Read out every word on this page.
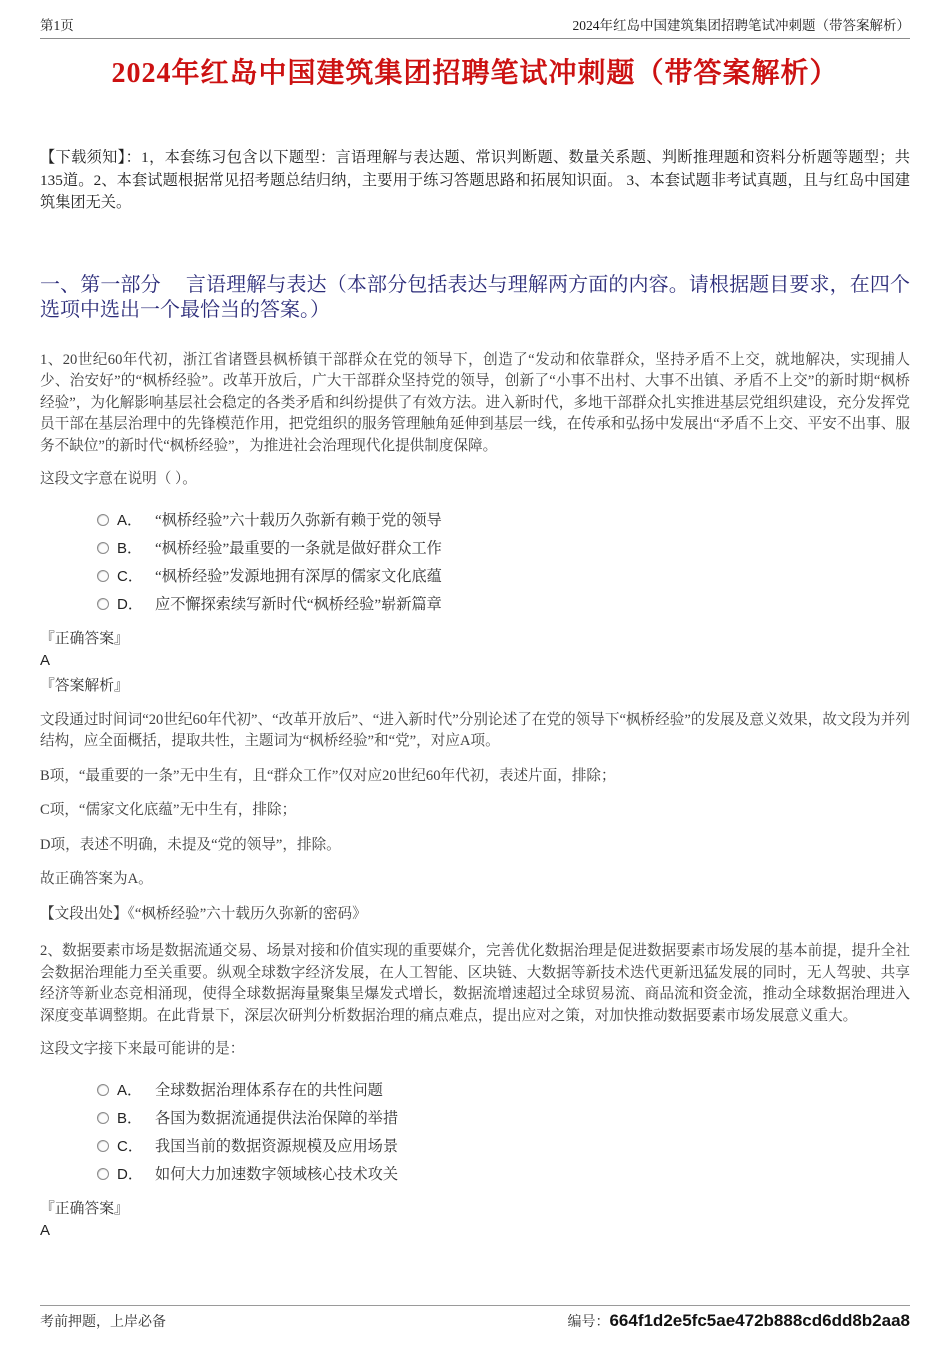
第1页	2024年红岛中国建筑集团招聘笔试冲刺题（带答案解析）
2024年红岛中国建筑集团招聘笔试冲刺题（带答案解析）
【下载须知】：1，本套练习包含以下题型：言语理解与表达题、常识判断题、数量关系题、判断推理题和资料分析题等题型；共135道。2、本套试题根据常见招考题总结归纳，主要用于练习答题思路和拓展知识面。 3、本套试题非考试真题，且与红岛中国建筑集团无关。
一、第一部分　 言语理解与表达（本部分包括表达与理解两方面的内容。请根据题目要求，在四个选项中选出一个最恰当的答案。）
1、20世纪60年代初，浙江省诸暨县枫桥镇干部群众在党的领导下，创造了“发动和依靠群众，坚持矛盾不上交，就地解决，实现捕人少、治安好”的“枫桥经验”。改革开放后，广大干部群众坚持党的领导，创新了“小事不出村、大事不出镇、矛盾不上交”的新时期“枫桥经验”，为化解影响基层社会稳定的各类矛盾和纠纷提供了有效方法。进入新时代，多地干部群众扎实推进基层党组织建设，充分发挥党员干部在基层治理中的先锋模范作用，把党组织的服务管理触角延伸到基层一线，在传承和弘扬中发展出“矛盾不上交、平安不出事、服务不缺位”的新时代“枫桥经验”，为推进社会治理现代化提供制度保障。
这段文字意在说明（ ）。
A． “枫桥经验”六十载历久弥新有赖于党的领导
B． “枫桥经验”最重要的一条就是做好群众工作
C． “枫桥经验”发源地拥有深厚的儒家文化底蕴
D． 应不懈探索续写新时代“枫桥经验”崭新篇章
『正确答案』
A
『答案解析』

文段通过时间词“20世纪60年代初”、“改革开放后”、“进入新时代”分别论述了在党的领导下“枫桥经验”的发展及意义效果，故文段为并列结构，应全面概括，提取共性，主题词为“枫桥经验”和“党”，对应A项。

B项，“最重要的一条”无中生有，且“群众工作”仅对应20世纪60年代初，表述片面，排除；

C项，“儒家文化底蕴”无中生有，排除；

D项，表述不明确，未提及“党的领导”，排除。

故正确答案为A。

【文段出处】《“枫桥经验”六十载历久弥新的密码》
2、数据要素市场是数据流通交易、场景对接和价值实现的重要媒介，完善优化数据治理是促进数据要素市场发展的基本前提，提升全社会数据治理能力至关重要。纵观全球数字经济发展，在人工智能、区块链、大数据等新技术迭代更新迅猛发展的同时，无人驾驶、共享经济等新业态竞相涌现，使得全球数据海量聚集呈爆发式增长，数据流增速超过全球贸易流、商品流和资金流，推动全球数据治理进入深度变革调整期。在此背景下，深层次研判分析数据治理的痛点难点，提出应对之策，对加快推动数据要素市场发展意义重大。
这段文字接下来最可能讲的是：
A． 全球数据治理体系存在的共性问题
B． 各国为数据流通提供法治保障的举措
C． 我国当前的数据资源规模及应用场景
D． 如何大力加速数字领域核心技术攻关
『正确答案』
A
考前押题，上岸必备	编号：664f1d2e5fc5ae472b888cd6dd8b2aa8
